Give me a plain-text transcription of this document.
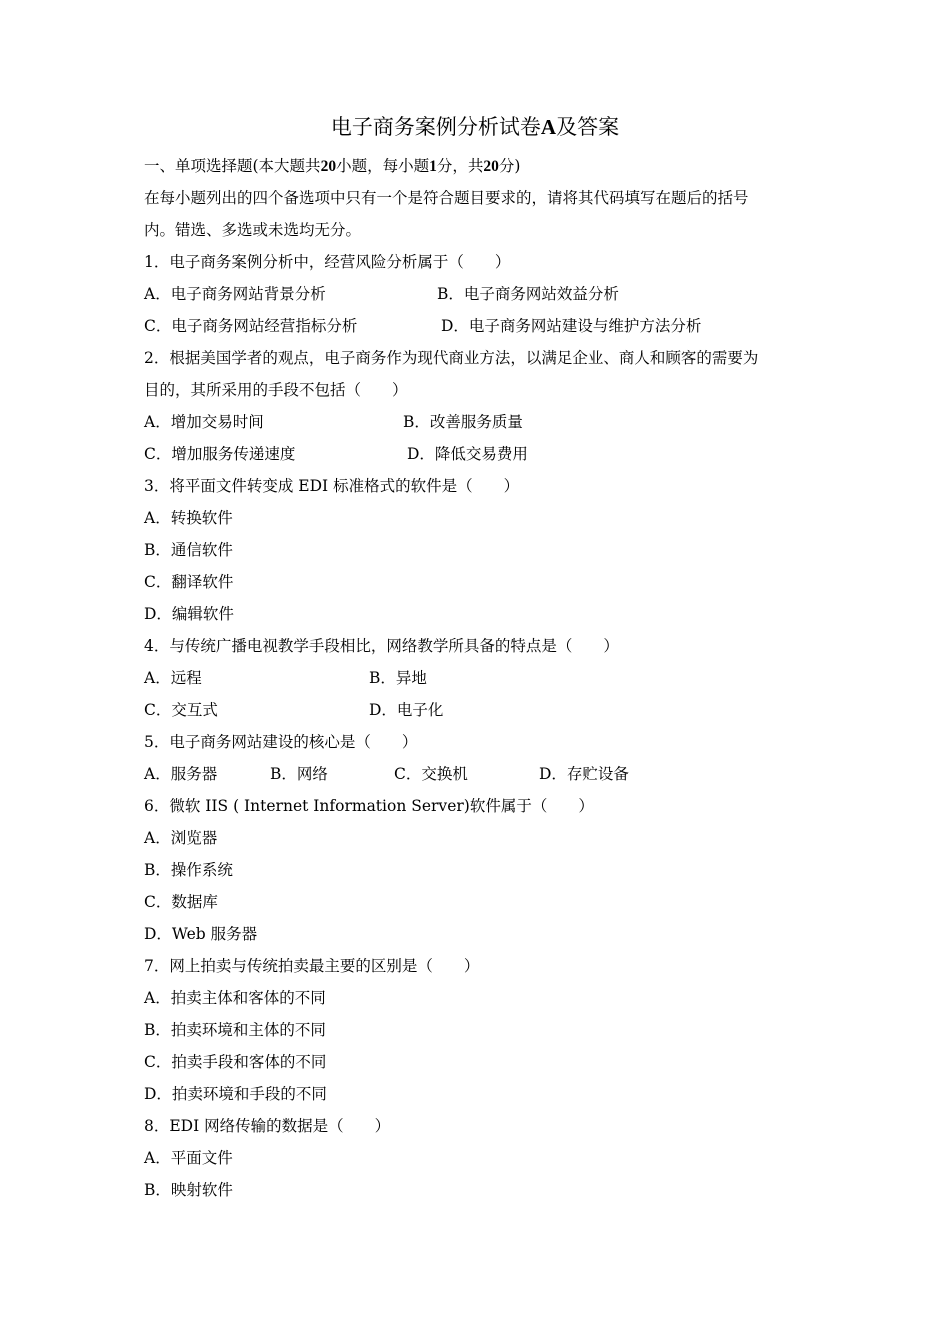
电子商务案例分析试卷A及答案
一、单项选择题(本大题共20小题，每小题1分，共20分)
在每小题列出的四个备选项中只有一个是符合题目要求的，请将其代码填写在题后的括号
内。错选、多选或未选均无分。
1．电子商务案例分析中，经营风险分析属于（　　）
A．电子商务网站背景分析	B．电子商务网站效益分析
C．电子商务网站经营指标分析	D．电子商务网站建设与维护方法分析
2．根据美国学者的观点，电子商务作为现代商业方法，以满足企业、商人和顾客的需要为
目的，其所采用的手段不包括（　　）
A．增加交易时间	B．改善服务质量
C．增加服务传递速度	D．降低交易费用
3．将平面文件转变成 EDI 标准格式的软件是（　　）
A．转换软件
B．通信软件
C．翻译软件
D．编辑软件
4．与传统广播电视教学手段相比，网络教学所具备的特点是（　　）
A．远程	B．异地
C．交互式	D．电子化
5．电子商务网站建设的核心是（　　）
A．服务器	B．网络	C．交换机	D．存贮设备
6．微软 IIS ( Internet Information Server)软件属于（　　）
A．浏览器
B．操作系统
C．数据库
D．Web 服务器
7．网上拍卖与传统拍卖最主要的区别是（　　）
A．拍卖主体和客体的不同
B．拍卖环境和主体的不同
C．拍卖手段和客体的不同
D．拍卖环境和手段的不同
8．EDI 网络传输的数据是（　　）
A．平面文件
B．映射软件
